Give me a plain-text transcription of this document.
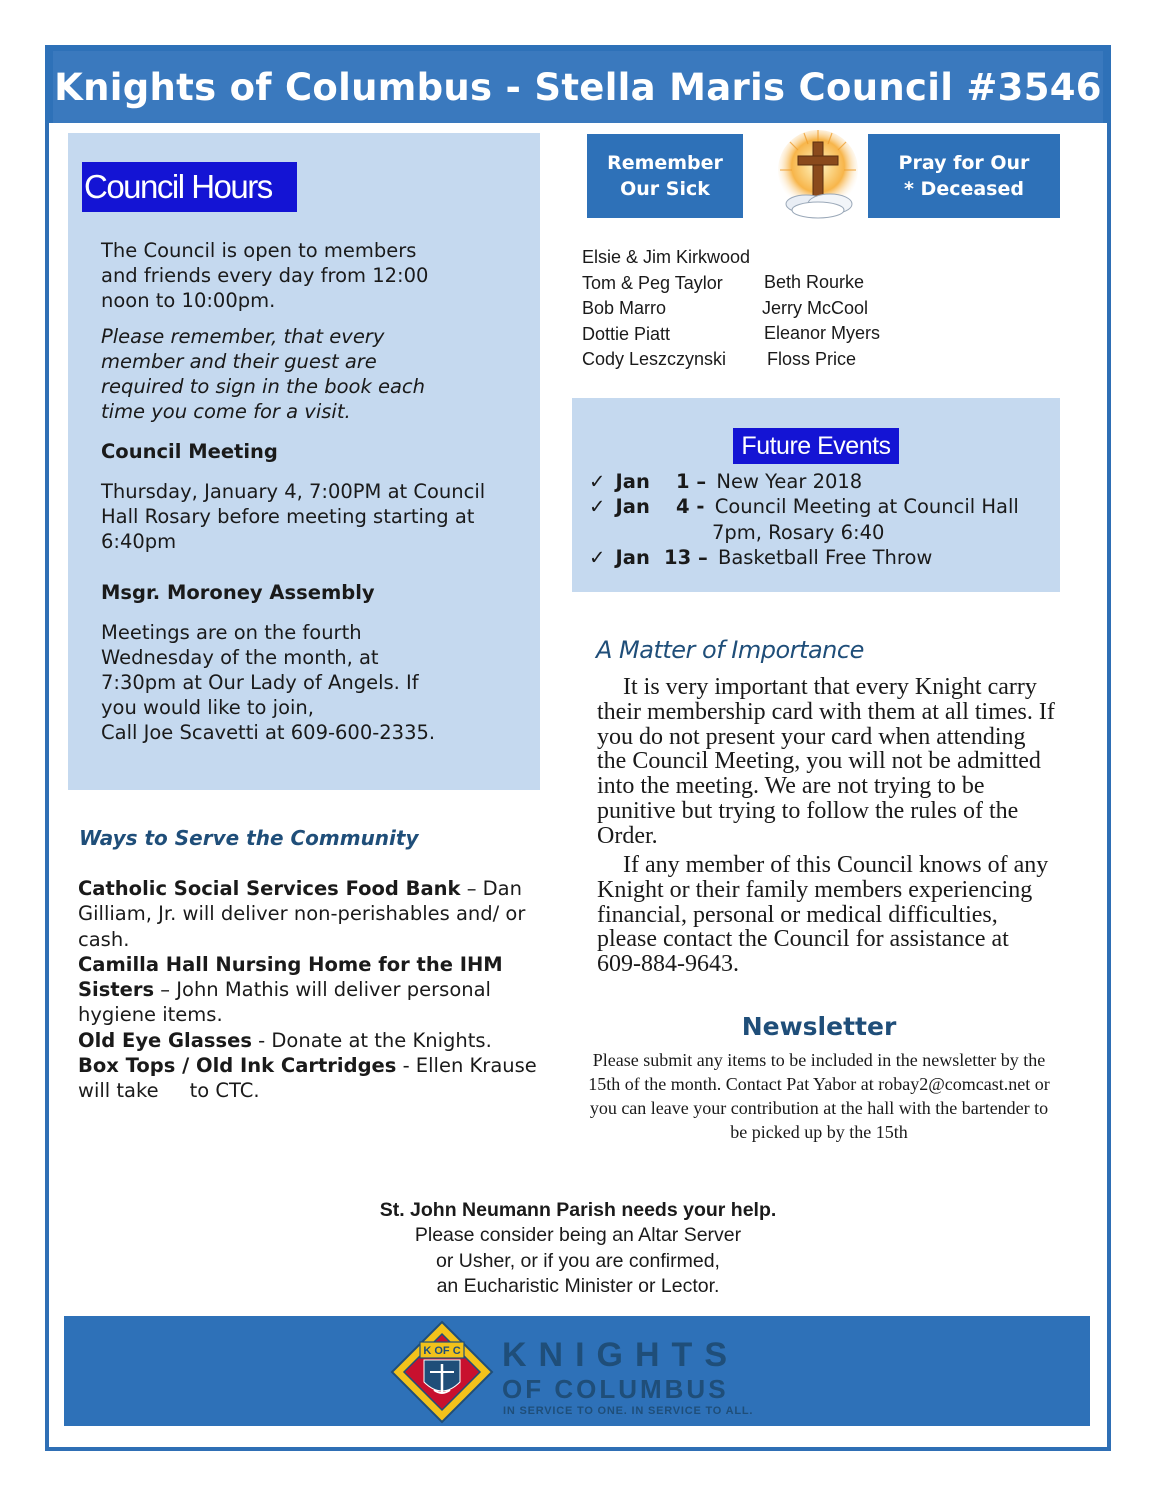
Knights of Columbus - Stella Maris Council #3546
Council Hours

The Council is open to members
and friends every day from 12:00
noon to 10:00pm.

Please remember, that every
member and their guest are
required to sign in the book each
time you come for a visit.

Council Meeting

Thursday, January 4, 7:00PM at Council
Hall Rosary before meeting starting at
6:40pm

Msgr. Moroney Assembly

Meetings are on the fourth
Wednesday of the month, at
7:30pm at Our Lady of Angels. If
you would like to join,
Call Joe Scavetti at 609-600-2335.

Remember
Our Sick
Pray for Our
* Deceased
Elsie & Jim Kirkwood
Tom & Peg Taylor
Bob Marro
Dottie Piatt
Cody Leszczynski
Beth Rourke
Jerry McCool
Eleanor Myers
Floss Price
Future Events
✓ Jan 1 – New Year 2018
✓ Jan 4 - Council Meeting at Council Hall
7pm, Rosary 6:40
✓ Jan 13 – Basketball Free Throw
A Matter of Importance

It is very important that every Knight carry their membership card with them at all times. If you do not present your card when attending the Council Meeting, you will not be admitted into the meeting. We are not trying to be punitive but trying to follow the rules of the Order.

If any member of this Council knows of any Knight or their family members experiencing financial, personal or medical difficulties, please contact the Council for assistance at 609-884-9643.

Newsletter

Please submit any items to be included in the newsletter by the 15th of the month. Contact Pat Yabor at robay2@comcast.net or you can leave your contribution at the hall with the bartender to be picked up by the 15th

Ways to Serve the Community
Catholic Social Services Food Bank – Dan Gilliam, Jr. will deliver non-perishables and/ or cash.
Camilla Hall Nursing Home for the IHM Sisters – John Mathis will deliver personal hygiene items.
Old Eye Glasses - Donate at the Knights.
Box Tops / Old Ink Cartridges - Ellen Krause will take     to CTC.
St. John Neumann Parish needs your help.
Please consider being an Altar Server
or Usher, or if you are confirmed,
an Eucharistic Minister or Lector.
K OF C KNIGHTS
OF COLUMBUS
IN SERVICE TO ONE. IN SERVICE TO ALL.
